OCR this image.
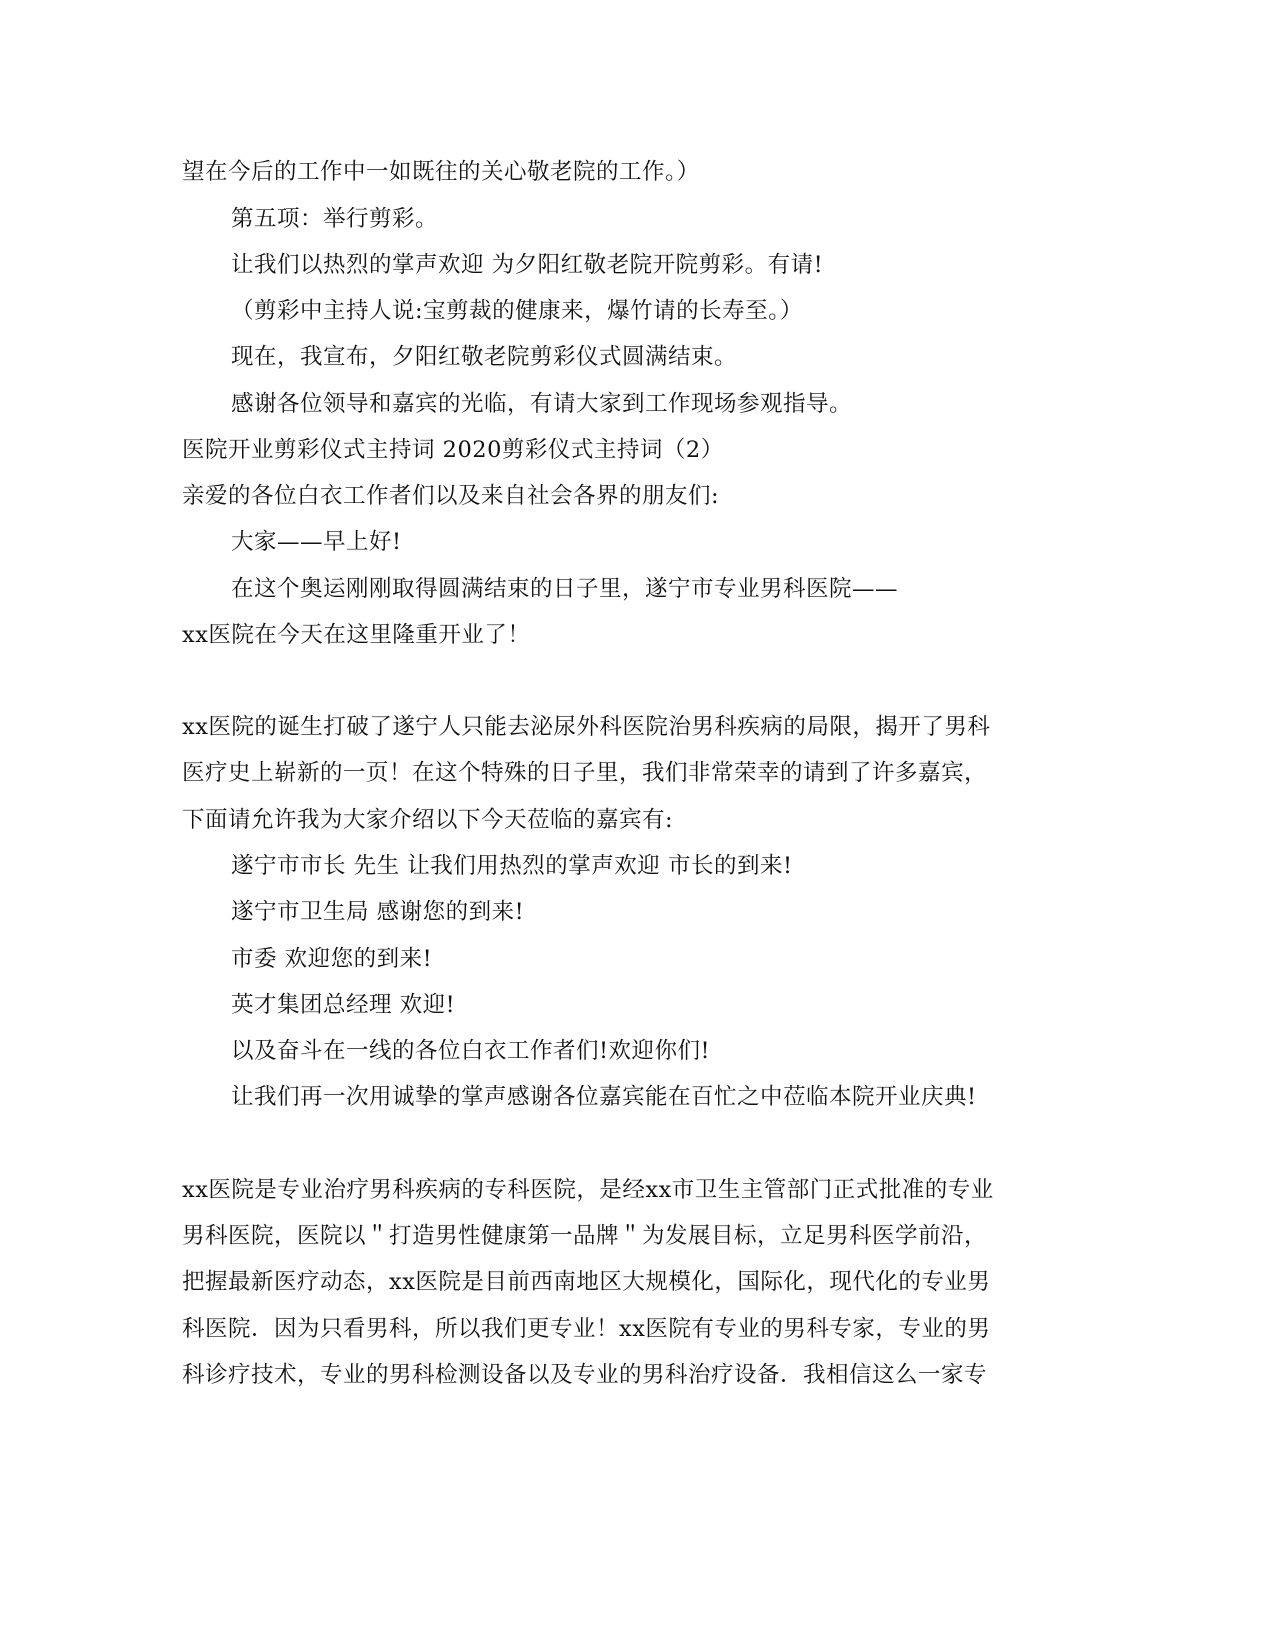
望在今后的工作中一如既往的关心敬老院的工作。）
第五项：举行剪彩。
让我们以热烈的掌声欢迎 为夕阳红敬老院开院剪彩。有请!
（剪彩中主持人说:宝剪裁的健康来，爆竹请的长寿至。）
现在，我宣布，夕阳红敬老院剪彩仪式圆满结束。
感谢各位领导和嘉宾的光临，有请大家到工作现场参观指导。
医院开业剪彩仪式主持词 2020剪彩仪式主持词（2）
亲爱的各位白衣工作者们以及来自社会各界的朋友们:
大家——早上好!
在这个奥运刚刚取得圆满结束的日子里，遂宁市专业男科医院——
xx医院在今天在这里隆重开业了！
xx医院的诞生打破了遂宁人只能去泌尿外科医院治男科疾病的局限，揭开了男科
医疗史上崭新的一页！在这个特殊的日子里，我们非常荣幸的请到了许多嘉宾，
下面请允许我为大家介绍以下今天莅临的嘉宾有:
遂宁市市长 先生 让我们用热烈的掌声欢迎 市长的到来!
遂宁市卫生局 感谢您的到来!
市委 欢迎您的到来!
英才集团总经理 欢迎!
以及奋斗在一线的各位白衣工作者们!欢迎你们!
让我们再一次用诚挚的掌声感谢各位嘉宾能在百忙之中莅临本院开业庆典!
xx医院是专业治疗男科疾病的专科医院，是经xx市卫生主管部门正式批准的专业
男科医院，医院以＂打造男性健康第一品牌＂为发展目标，立足男科医学前沿，
把握最新医疗动态，xx医院是目前西南地区大规模化，国际化，现代化的专业男
科医院．因为只看男科，所以我们更专业！xx医院有专业的男科专家，专业的男
科诊疗技术，专业的男科检测设备以及专业的男科治疗设备．我相信这么一家专
